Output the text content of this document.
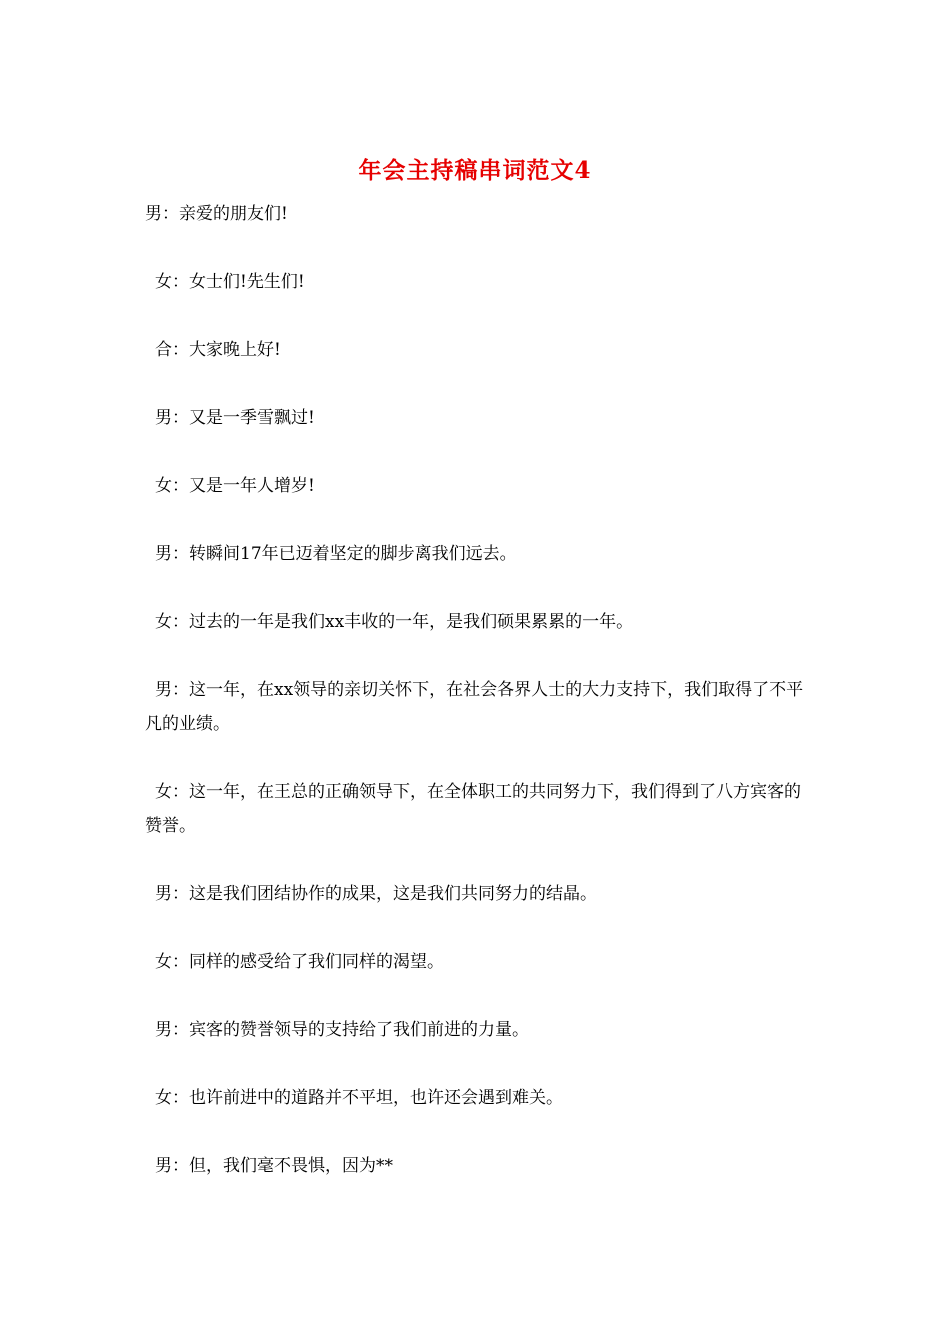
年会主持稿串词范文4

男：亲爱的朋友们!

女：女士们!先生们!

合：大家晚上好!

男：又是一季雪飘过!

女：又是一年人增岁!

男：转瞬间17年已迈着坚定的脚步离我们远去。

女：过去的一年是我们xx丰收的一年，是我们硕果累累的一年。

男：这一年，在xx领导的亲切关怀下，在社会各界人士的大力支持下，我们取得了不平凡的业绩。

女：这一年，在王总的正确领导下，在全体职工的共同努力下，我们得到了八方宾客的赞誉。

男：这是我们团结协作的成果，这是我们共同努力的结晶。

女：同样的感受给了我们同样的渴望。

男：宾客的赞誉领导的支持给了我们前进的力量。

女：也许前进中的道路并不平坦，也许还会遇到难关。

男：但，我们毫不畏惧，因为**
